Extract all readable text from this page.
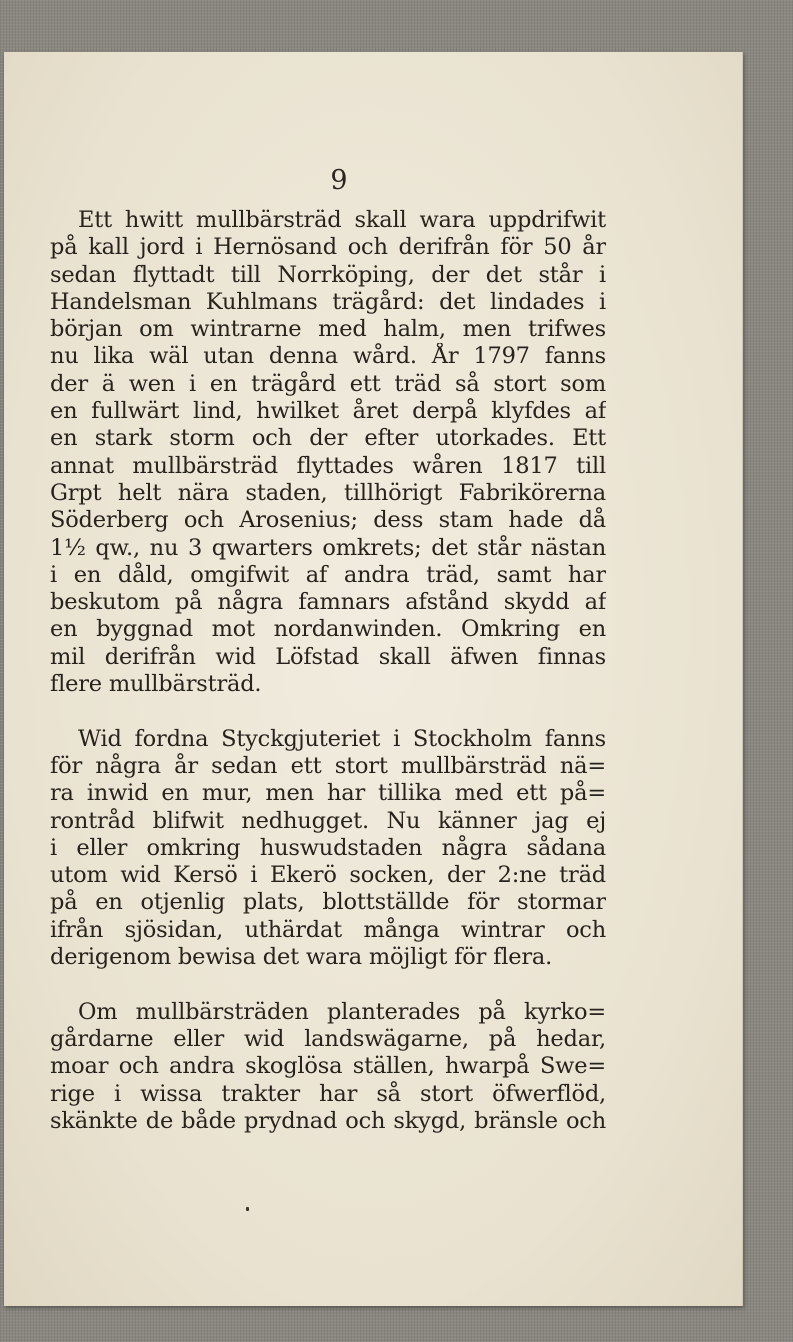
9
Ett hwitt mullbärsträd skall wara uppdrifwit
på kall jord i Hernösand och derifrån för 50 år
sedan flyttadt till Norrköping, der det står i
Handelsman Kuhlmans trägård: det lindades i
början om wintrarne med halm, men trifwes
nu lika wäl utan denna wård. År 1797 fanns
der ä wen i en trägård ett träd så stort som
en fullwärt lind, hwilket året derpå klyfdes af
en stark storm och der efter utorkades. Ett
annat mullbärsträd flyttades wåren 1817 till
Grpt helt nära staden, tillhörigt Fabrikörerna
Söderberg och Arosenius; dess stam hade då
1½ qw., nu 3 qwarters omkrets; det står nästan
i en dåld, omgifwit af andra träd, samt har
beskutom på några famnars afstånd skydd af
en byggnad mot nordanwinden. Omkring en
mil derifrån wid Löfstad skall äfwen finnas
flere mullbärsträd.
Wid fordna Styckgjuteriet i Stockholm fanns
för några år sedan ett stort mullbärsträd nä=
ra inwid en mur, men har tillika med ett på=
rontråd blifwit nedhugget. Nu känner jag ej
i eller omkring huswudstaden några sådana
utom wid Kersö i Ekerö socken, der 2:ne träd
på en otjenlig plats, blottställde för stormar
ifrån sjösidan, uthärdat många wintrar och
derigenom bewisa det wara möjligt för flera.
Om mullbärsträden planterades på kyrko=
gårdarne eller wid landswägarne, på hedar,
moar och andra skoglösa ställen, hwarpå Swe=
rige i wissa trakter har så stort öfwerflöd,
skänkte de både prydnad och skygd, bränsle och
